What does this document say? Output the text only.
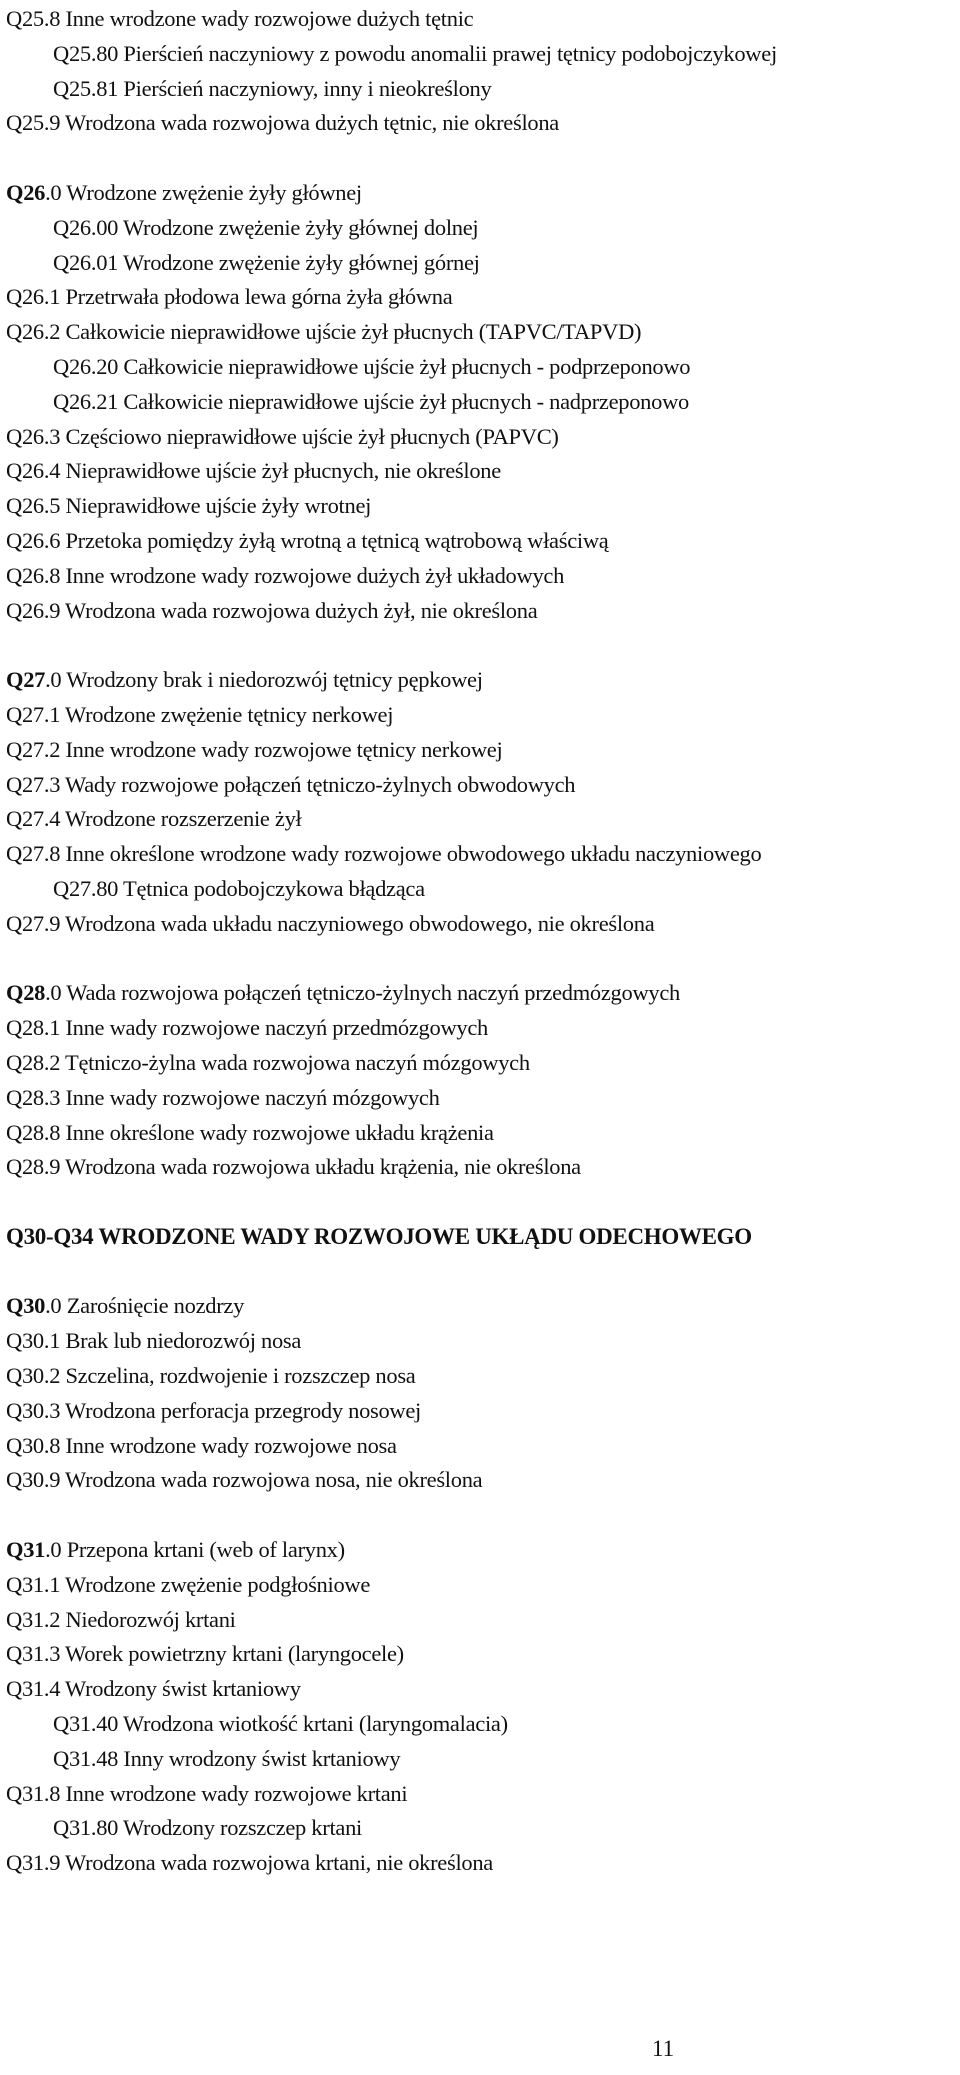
Q25.8 Inne wrodzone wady rozwojowe dużych tętnic
Q25.80 Pierścień naczyniowy z powodu anomalii prawej tętnicy podobojczykowej
Q25.81 Pierścień naczyniowy, inny i nieokreślony
Q25.9 Wrodzona wada rozwojowa dużych tętnic, nie określona
Q26.0 Wrodzone zwężenie żyły głównej
Q26.00 Wrodzone zwężenie żyły głównej dolnej
Q26.01 Wrodzone zwężenie żyły głównej górnej
Q26.1 Przetrwała płodowa lewa górna żyła główna
Q26.2 Całkowicie nieprawidłowe ujście żył płucnych (TAPVC/TAPVD)
Q26.20 Całkowicie nieprawidłowe ujście żył płucnych - podprzeponowo
Q26.21 Całkowicie nieprawidłowe ujście żył płucnych - nadprzeponowo
Q26.3 Częściowo nieprawidłowe ujście żył płucnych (PAPVC)
Q26.4 Nieprawidłowe ujście żył płucnych, nie określone
Q26.5 Nieprawidłowe ujście żyły wrotnej
Q26.6 Przetoka pomiędzy żyłą wrotną a tętnicą wątrobową właściwą
Q26.8 Inne wrodzone wady rozwojowe dużych żył układowych
Q26.9 Wrodzona wada rozwojowa dużych żył, nie określona
Q27.0 Wrodzony brak i niedorozwój tętnicy pępkowej
Q27.1 Wrodzone zwężenie tętnicy nerkowej
Q27.2 Inne wrodzone wady rozwojowe tętnicy nerkowej
Q27.3 Wady rozwojowe połączeń tętniczo-żylnych obwodowych
Q27.4 Wrodzone rozszerzenie żył
Q27.8 Inne określone wrodzone wady rozwojowe obwodowego układu naczyniowego
Q27.80 Tętnica podobojczykowa błądząca
Q27.9 Wrodzona wada układu naczyniowego obwodowego, nie określona
Q28.0 Wada rozwojowa połączeń tętniczo-żylnych naczyń przedmózgowych
Q28.1 Inne wady rozwojowe naczyń przedmózgowych
Q28.2 Tętniczo-żylna wada rozwojowa naczyń mózgowych
Q28.3 Inne wady rozwojowe naczyń mózgowych
Q28.8 Inne określone wady rozwojowe układu krążenia
Q28.9 Wrodzona wada rozwojowa układu krążenia, nie określona
Q30-Q34 WRODZONE WADY ROZWOJOWE UKŁĄDU ODECHOWEGO
Q30.0 Zarośnięcie nozdrzy
Q30.1 Brak lub niedorozwój nosa
Q30.2 Szczelina, rozdwojenie i rozszczep nosa
Q30.3 Wrodzona perforacja przegrody nosowej
Q30.8 Inne wrodzone wady rozwojowe nosa
Q30.9 Wrodzona wada rozwojowa nosa, nie określona
Q31.0 Przepona krtani (web of larynx)
Q31.1 Wrodzone zwężenie podgłośniowe
Q31.2 Niedorozwój krtani
Q31.3 Worek powietrzny krtani (laryngocele)
Q31.4 Wrodzony świst krtaniowy
Q31.40 Wrodzona wiotkość krtani (laryngomalacia)
Q31.48 Inny wrodzony świst krtaniowy
Q31.8 Inne wrodzone wady rozwojowe krtani
Q31.80 Wrodzony rozszczep krtani
Q31.9 Wrodzona wada rozwojowa krtani, nie określona
11
